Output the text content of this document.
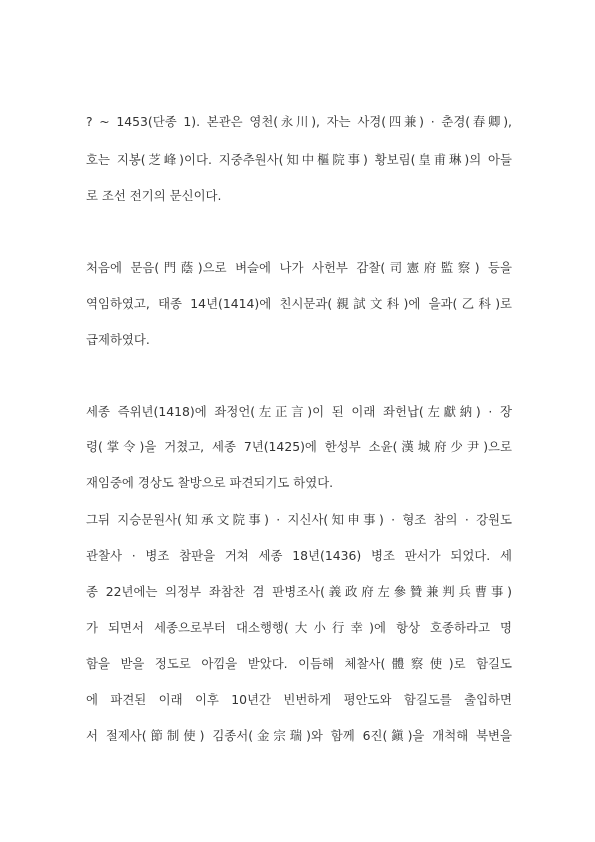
? ~ 1453(단종 1). 본관은 영천(永川), 자는 사경(四兼) · 춘경(春卿),
호는 지봉(芝峰)이다. 지중추원사(知中樞院事) 황보림(皇甫琳)의 아들
로 조선 전기의 문신이다.
처음에 문음(門蔭)으로 벼슬에 나가 사헌부 감찰(司憲府監察) 등을
역임하였고, 태종 14년(1414)에 친시문과(親試文科)에 을과(乙科)로
급제하였다.
세종 즉위년(1418)에 좌정언(左正言)이 된 이래 좌헌납(左獻納) · 장
령(掌令)을 거쳤고, 세종 7년(1425)에 한성부 소윤(漢城府少尹)으로
재임중에 경상도 찰방으로 파견되기도 하였다.
그뒤 지승문원사(知承文院事) · 지신사(知申事) · 형조 참의 · 강원도
관찰사 · 병조 참판을 거쳐 세종 18년(1436) 병조 판서가 되었다. 세
종 22년에는 의정부 좌참찬 겸 판병조사(義政府左參贊兼判兵曹事)
가 되면서 세종으로부터 대소행행(大小行幸)에 항상 호종하라고 명
함을 받을 정도로 아낌을 받았다. 이듬해 체찰사(體察使)로 함길도
에 파견된 이래 이후 10년간 빈번하게 평안도와 함길도를 출입하면
서 절제사(節制使) 김종서(金宗瑞)와 함께 6진(鎭)을 개척해 북변을
